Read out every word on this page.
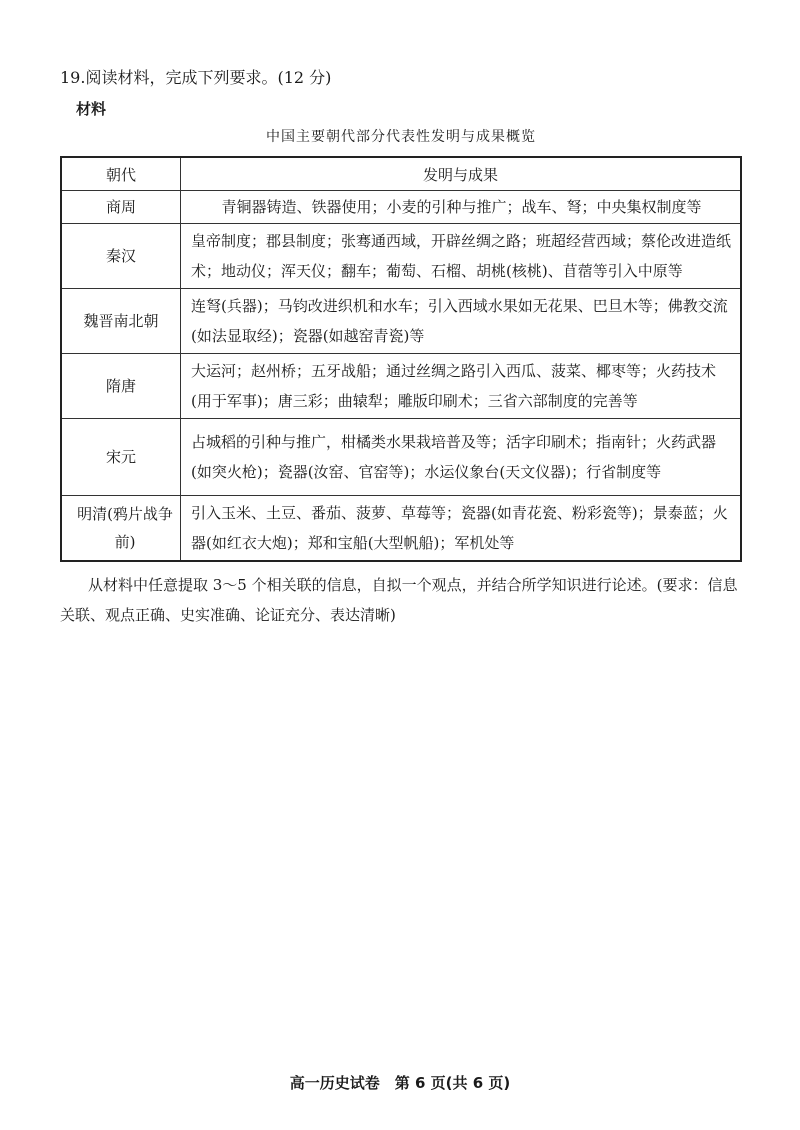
19.阅读材料，完成下列要求。(12 分)
材料
中国主要朝代部分代表性发明与成果概览
朝代	发明与成果
商周	青铜器铸造、铁器使用；小麦的引种与推广；战车、弩；中央集权制度等
秦汉	皇帝制度；郡县制度；张骞通西域，开辟丝绸之路；班超经营西域；蔡伦改进造纸术；地动仪；浑天仪；翻车；葡萄、石榴、胡桃(核桃)、苜蓿等引入中原等
魏晋南北朝	连弩(兵器)；马钧改进织机和水车；引入西域水果如无花果、巴旦木等；佛教交流(如法显取经)；瓷器(如越窑青瓷)等
隋唐	大运河；赵州桥；五牙战船；通过丝绸之路引入西瓜、菠菜、椰枣等；火药技术(用于军事)；唐三彩；曲辕犁；雕版印刷术；三省六部制度的完善等
宋元	占城稻的引种与推广，柑橘类水果栽培普及等；活字印刷术；指南针；火药武器(如突火枪)；瓷器(汝窑、官窑等)；水运仪象台(天文仪器)；行省制度等
明清(鸦片战争前)	引入玉米、土豆、番茄、菠萝、草莓等；瓷器(如青花瓷、粉彩瓷等)；景泰蓝；火器(如红衣大炮)；郑和宝船(大型帆船)；军机处等
从材料中任意提取 3～5 个相关联的信息，自拟一个观点，并结合所学知识进行论述。(要求：信息关联、观点正确、史实准确、论证充分、表达清晰)
高一历史试卷　第 6 页(共 6 页)
